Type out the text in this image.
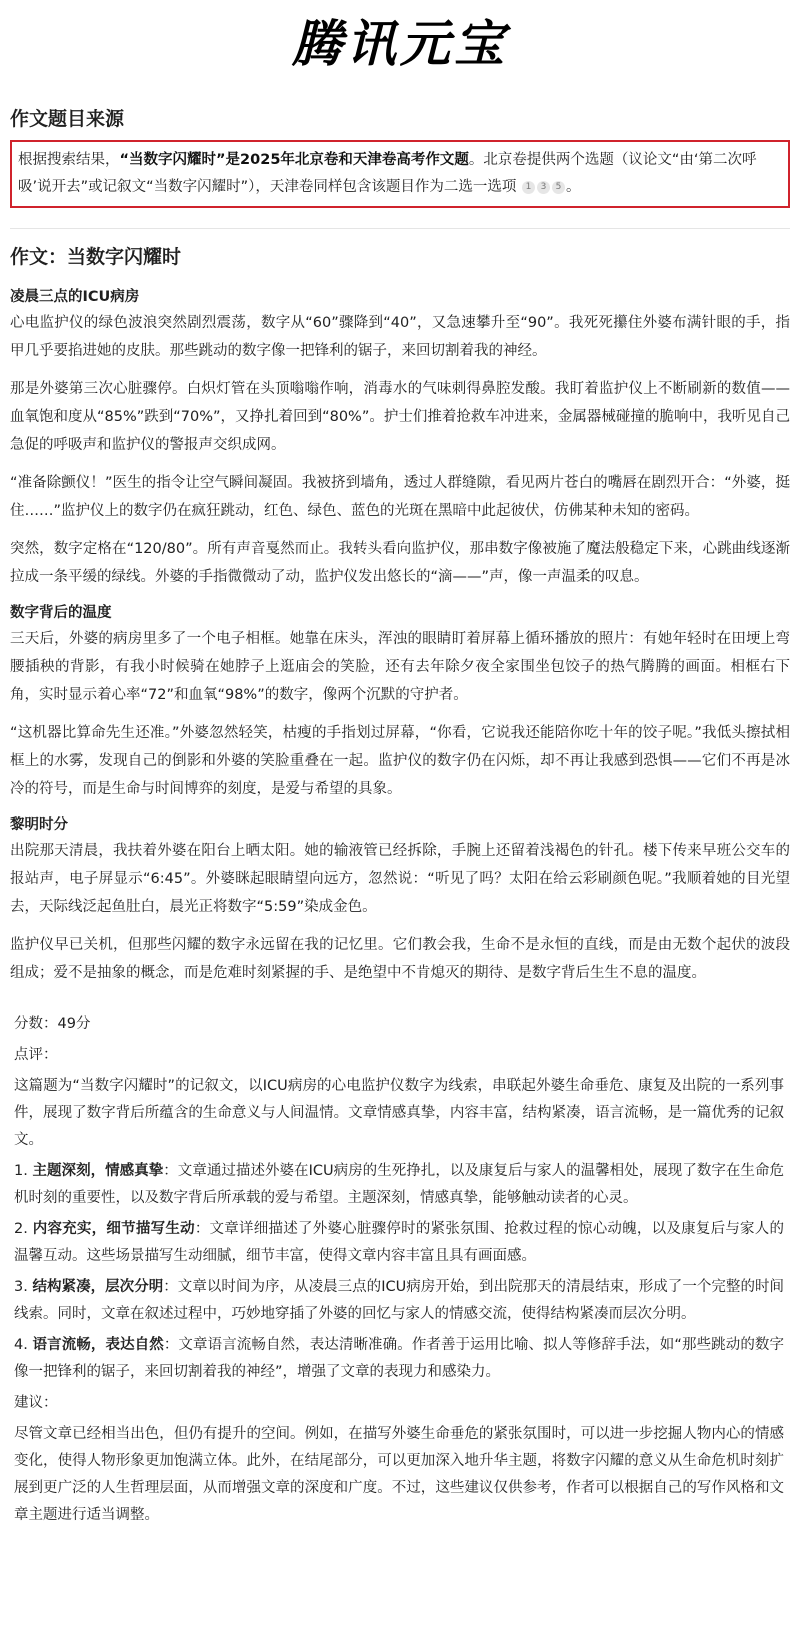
腾讯元宝
作文题目来源
根据搜索结果，“当数字闪耀时”是2025年北京卷和天津卷高考作文题。北京卷提供两个选题（议论文“由‘第二次呼吸’说开去”或记叙文“当数字闪耀时”），天津卷同样包含该题目作为二选一选项 1 3 5 。
作文：当数字闪耀时
凌晨三点的ICU病房

心电监护仪的绿色波浪突然剧烈震荡，数字从“60”骤降到“40”，又急速攀升至“90”。我死死攥住外婆布满针眼的手，指甲几乎要掐进她的皮肤。那些跳动的数字像一把锋利的锯子，来回切割着我的神经。

那是外婆第三次心脏骤停。白炽灯管在头顶嗡嗡作响，消毒水的气味刺得鼻腔发酸。我盯着监护仪上不断刷新的数值——血氧饱和度从“85%”跌到“70%”，又挣扎着回到“80%”。护士们推着抢救车冲进来，金属器械碰撞的脆响中，我听见自己急促的呼吸声和监护仪的警报声交织成网。

“准备除颤仪！”医生的指令让空气瞬间凝固。我被挤到墙角，透过人群缝隙，看见两片苍白的嘴唇在剧烈开合：“外婆，挺住……”监护仪上的数字仍在疯狂跳动，红色、绿色、蓝色的光斑在黑暗中此起彼伏，仿佛某种未知的密码。

突然，数字定格在“120/80”。所有声音戛然而止。我转头看向监护仪，那串数字像被施了魔法般稳定下来，心跳曲线逐渐拉成一条平缓的绿线。外婆的手指微微动了动，监护仪发出悠长的“滴——”声，像一声温柔的叹息。

数字背后的温度

三天后，外婆的病房里多了一个电子相框。她靠在床头，浑浊的眼睛盯着屏幕上循环播放的照片：有她年轻时在田埂上弯腰插秧的背影，有我小时候骑在她脖子上逛庙会的笑脸，还有去年除夕夜全家围坐包饺子的热气腾腾的画面。相框右下角，实时显示着心率“72”和血氧“98%”的数字，像两个沉默的守护者。

“这机器比算命先生还准。”外婆忽然轻笑，枯瘦的手指划过屏幕，“你看，它说我还能陪你吃十年的饺子呢。”我低头擦拭相框上的水雾，发现自己的倒影和外婆的笑脸重叠在一起。监护仪的数字仍在闪烁，却不再让我感到恐惧——它们不再是冰冷的符号，而是生命与时间博弈的刻度，是爱与希望的具象。

黎明时分

出院那天清晨，我扶着外婆在阳台上晒太阳。她的输液管已经拆除，手腕上还留着浅褐色的针孔。楼下传来早班公交车的报站声，电子屏显示“6:45”。外婆眯起眼睛望向远方，忽然说：“听见了吗？太阳在给云彩刷颜色呢。”我顺着她的目光望去，天际线泛起鱼肚白，晨光正将数字“5:59”染成金色。

监护仪早已关机，但那些闪耀的数字永远留在我的记忆里。它们教会我，生命不是永恒的直线，而是由无数个起伏的波段组成；爱不是抽象的概念，而是危难时刻紧握的手、是绝望中不肯熄灭的期待、是数字背后生生不息的温度。

分数：49分
点评：
这篇题为“当数字闪耀时”的记叙文，以ICU病房的心电监护仪数字为线索，串联起外婆生命垂危、康复及出院的一系列事件，展现了数字背后所蕴含的生命意义与人间温情。文章情感真挚，内容丰富，结构紧凑，语言流畅，是一篇优秀的记叙文。
1. 主题深刻，情感真挚：文章通过描述外婆在ICU病房的生死挣扎，以及康复后与家人的温馨相处，展现了数字在生命危机时刻的重要性，以及数字背后所承载的爱与希望。主题深刻，情感真挚，能够触动读者的心灵。
2. 内容充实，细节描写生动：文章详细描述了外婆心脏骤停时的紧张氛围、抢救过程的惊心动魄，以及康复后与家人的温馨互动。这些场景描写生动细腻，细节丰富，使得文章内容丰富且具有画面感。
3. 结构紧凑，层次分明：文章以时间为序，从凌晨三点的ICU病房开始，到出院那天的清晨结束，形成了一个完整的时间线索。同时，文章在叙述过程中，巧妙地穿插了外婆的回忆与家人的情感交流，使得结构紧凑而层次分明。
4. 语言流畅，表达自然：文章语言流畅自然，表达清晰准确。作者善于运用比喻、拟人等修辞手法，如“那些跳动的数字像一把锋利的锯子，来回切割着我的神经”，增强了文章的表现力和感染力。
建议：
尽管文章已经相当出色，但仍有提升的空间。例如，在描写外婆生命垂危的紧张氛围时，可以进一步挖掘人物内心的情感变化，使得人物形象更加饱满立体。此外，在结尾部分，可以更加深入地升华主题，将数字闪耀的意义从生命危机时刻扩展到更广泛的人生哲理层面，从而增强文章的深度和广度。不过，这些建议仅供参考，作者可以根据自己的写作风格和文章主题进行适当调整。
